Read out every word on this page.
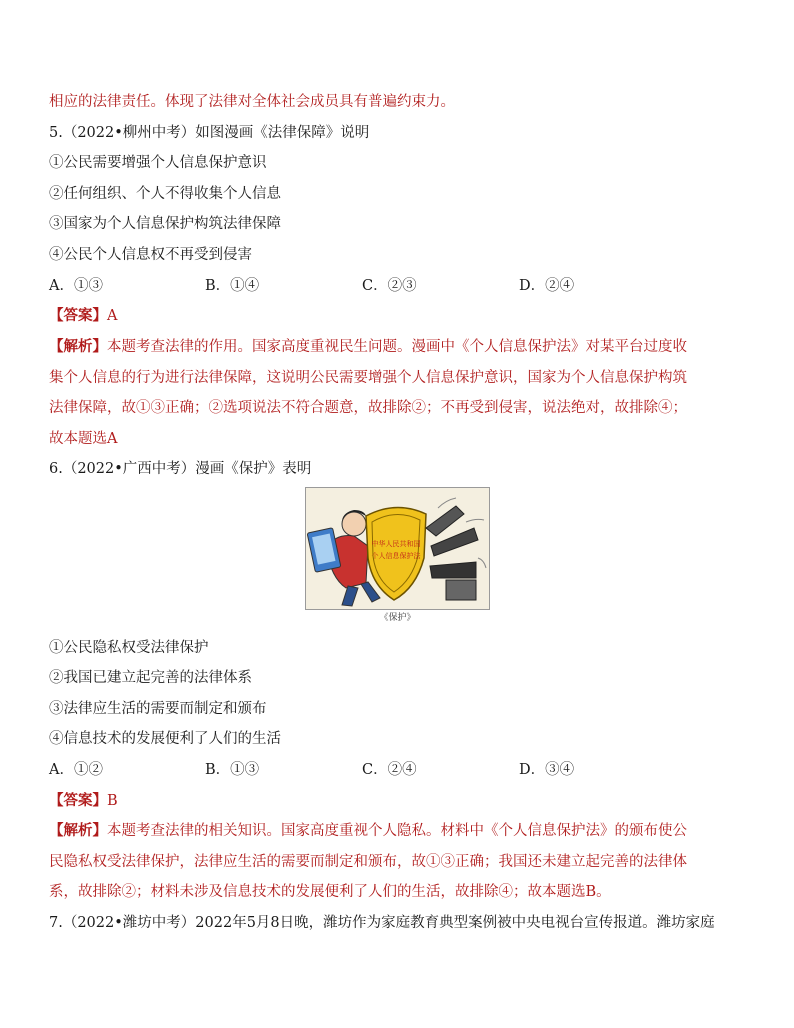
相应的法律责任。体现了法律对全体社会成员具有普遍约束力。
5.（2022•柳州中考）如图漫画《法律保障》说明
①公民需要增强个人信息保护意识
②任何组织、个人不得收集个人信息
③国家为个人信息保护构筑法律保障
④公民个人信息权不再受到侵害
A．①③	B．①④	C．②③	D．②④
【答案】A
【解析】本题考查法律的作用。国家高度重视民生问题。漫画中《个人信息保护法》对某平台过度收
集个人信息的行为进行法律保障，这说明公民需要增强个人信息保护意识，国家为个人信息保护构筑
法律保障，故①③正确；②选项说法不符合题意，故排除②；不再受到侵害，说法绝对，故排除④；
故本题选A
6.（2022•广西中考）漫画《保护》表明
中华人民共和国
个人信息保护法
《保护》
①公民隐私权受法律保护
②我国已建立起完善的法律体系
③法律应生活的需要而制定和颁布
④信息技术的发展便利了人们的生活
A．①②	B．①③	C．②④	D．③④
【答案】B
【解析】本题考查法律的相关知识。国家高度重视个人隐私。材料中《个人信息保护法》的颁布使公
民隐私权受法律保护，法律应生活的需要而制定和颁布，故①③正确；我国还未建立起完善的法律体
系，故排除②；材料未涉及信息技术的发展便利了人们的生活，故排除④；故本题选B。
7.（2022•潍坊中考）2022年5月8日晚，潍坊作为家庭教育典型案例被中央电视台宣传报道。潍坊家庭
